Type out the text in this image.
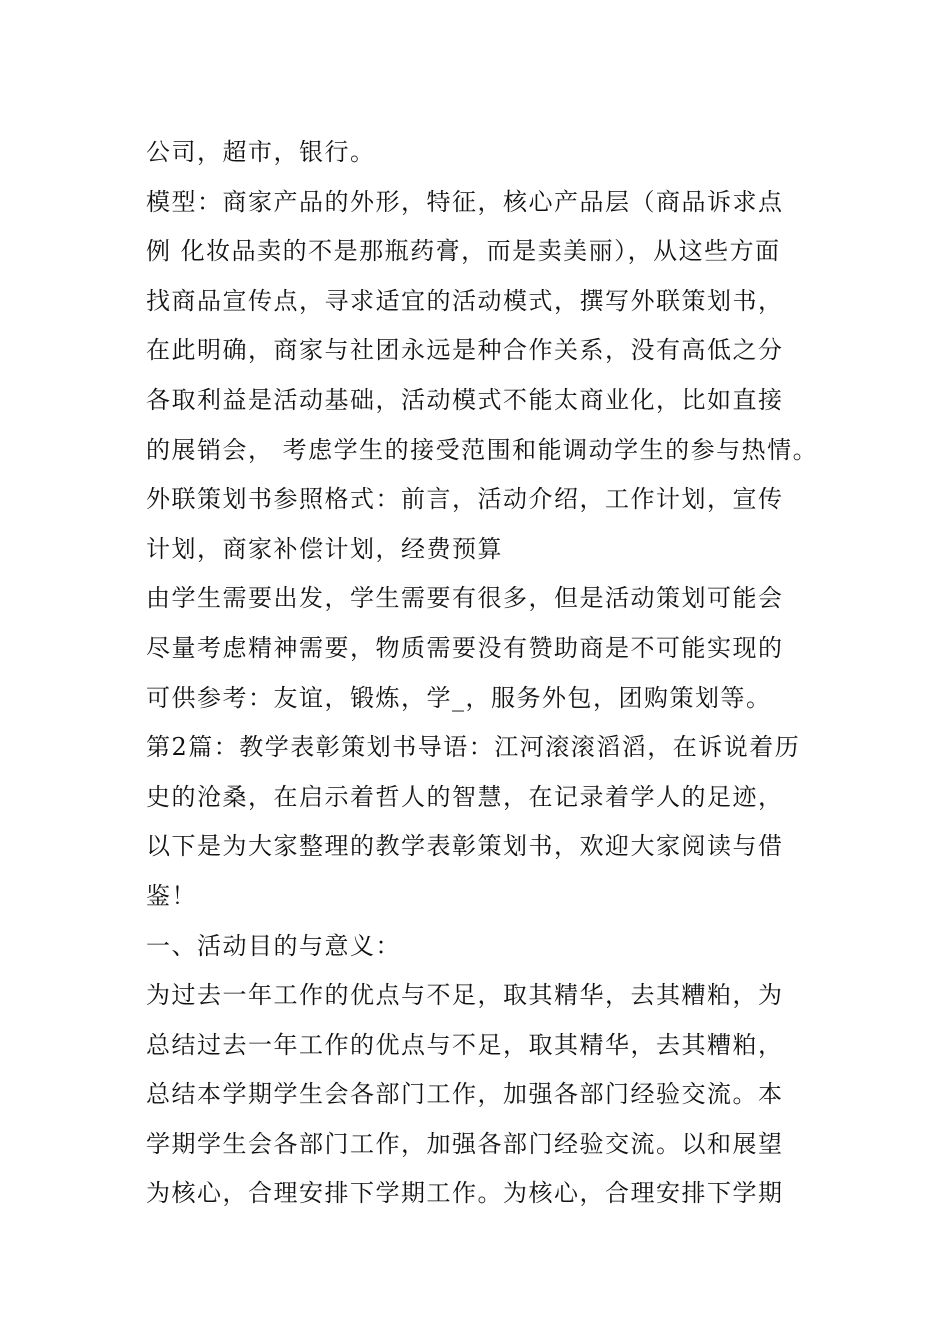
公司，超市，银行。
模型：商家产品的外形，特征，核心产品层（商品诉求点
例 化妆品卖的不是那瓶药膏，而是卖美丽），从这些方面
找商品宣传点，寻求适宜的活动模式，撰写外联策划书，
在此明确，商家与社团永远是种合作关系，没有高低之分
各取利益是活动基础，活动模式不能太商业化，比如直接
的展销会， 考虑学生的接受范围和能调动学生的参与热情。
外联策划书参照格式：前言，活动介绍，工作计划，宣传
计划，商家补偿计划，经费预算
由学生需要出发，学生需要有很多，但是活动策划可能会
尽量考虑精神需要，物质需要没有赞助商是不可能实现的
可供参考：友谊，锻炼，学_，服务外包，团购策划等。
第2篇：教学表彰策划书导语：江河滚滚滔滔，在诉说着历
史的沧桑，在启示着哲人的智慧，在记录着学人的足迹，
以下是为大家整理的教学表彰策划书，欢迎大家阅读与借
鉴！
一、活动目的与意义：
为过去一年工作的优点与不足，取其精华，去其糟粕，为
总结过去一年工作的优点与不足，取其精华，去其糟粕，
总结本学期学生会各部门工作，加强各部门经验交流。本
学期学生会各部门工作，加强各部门经验交流。以和展望
为核心，合理安排下学期工作。为核心，合理安排下学期
